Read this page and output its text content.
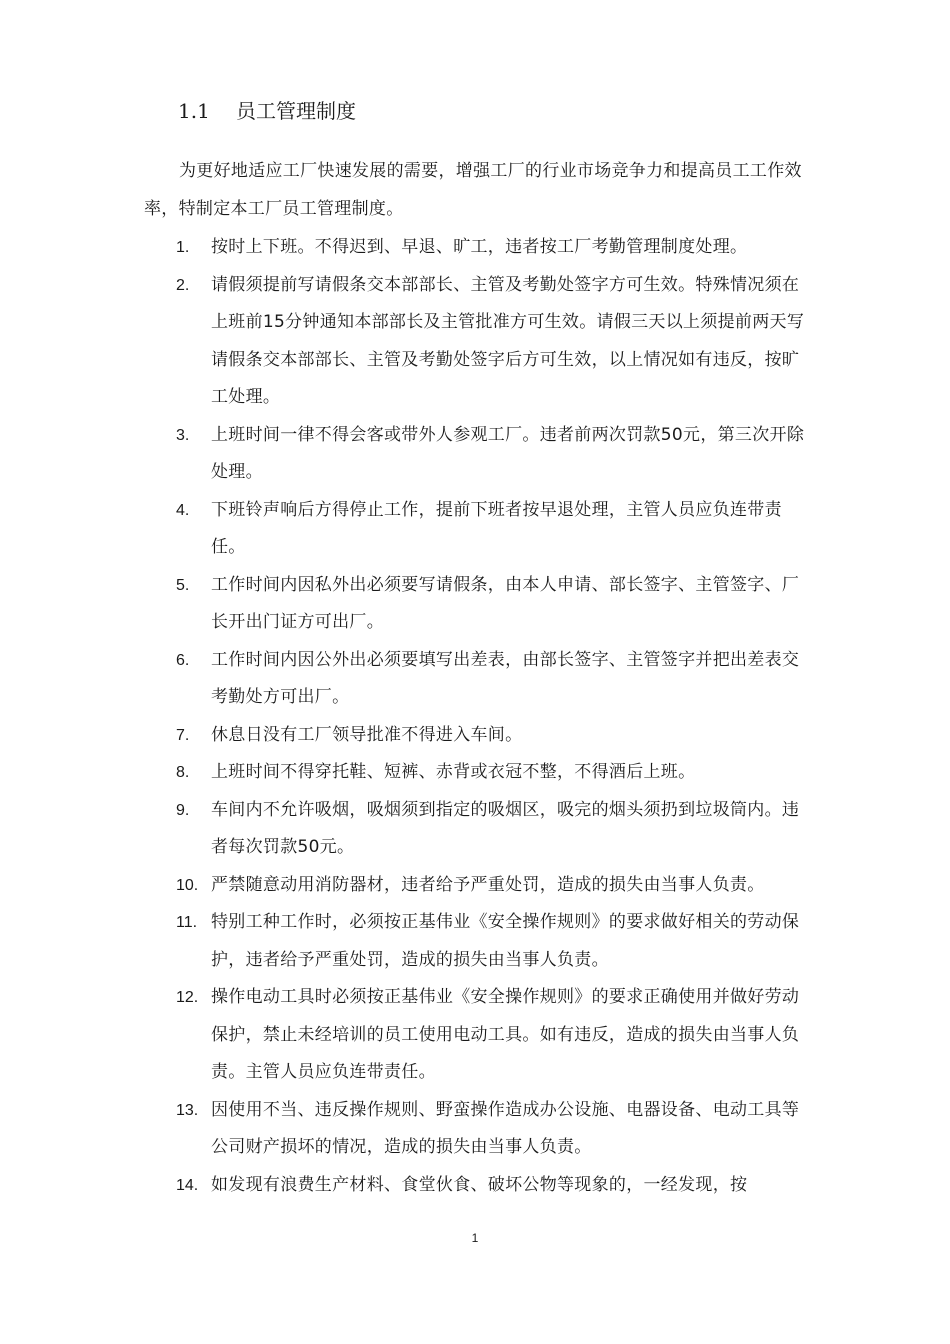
1.1 员工管理制度

为更好地适应工厂快速发展的需要，增强工厂的行业市场竞争力和提高员工工作效率，特制定本工厂员工管理制度。

1. 按时上下班。不得迟到、早退、旷工，违者按工厂考勤管理制度处理。
2. 请假须提前写请假条交本部部长、主管及考勤处签字方可生效。特殊情况须在上班前15分钟通知本部部长及主管批准方可生效。请假三天以上须提前两天写请假条交本部部长、主管及考勤处签字后方可生效，以上情况如有违反，按旷工处理。
3. 上班时间一律不得会客或带外人参观工厂。违者前两次罚款50元，第三次开除处理。
4. 下班铃声响后方得停止工作，提前下班者按早退处理，主管人员应负连带责任。
5. 工作时间内因私外出必须要写请假条，由本人申请、部长签字、主管签字、厂长开出门证方可出厂。
6. 工作时间内因公外出必须要填写出差表，由部长签字、主管签字并把出差表交考勤处方可出厂。
7. 休息日没有工厂领导批准不得进入车间。
8. 上班时间不得穿托鞋、短裤、赤背或衣冠不整，不得酒后上班。
9. 车间内不允许吸烟，吸烟须到指定的吸烟区，吸完的烟头须扔到垃圾筒内。违者每次罚款50元。
10. 严禁随意动用消防器材，违者给予严重处罚，造成的损失由当事人负责。
11. 特别工种工作时，必须按正基伟业《安全操作规则》的要求做好相关的劳动保护，违者给予严重处罚，造成的损失由当事人负责。
12. 操作电动工具时必须按正基伟业《安全操作规则》的要求正确使用并做好劳动保护，禁止未经培训的员工使用电动工具。如有违反，造成的损失由当事人负责。主管人员应负连带责任。
13. 因使用不当、违反操作规则、野蛮操作造成办公设施、电器设备、电动工具等公司财产损坏的情况，造成的损失由当事人负责。
14. 如发现有浪费生产材料、食堂伙食、破坏公物等现象的，一经发现，按
1
